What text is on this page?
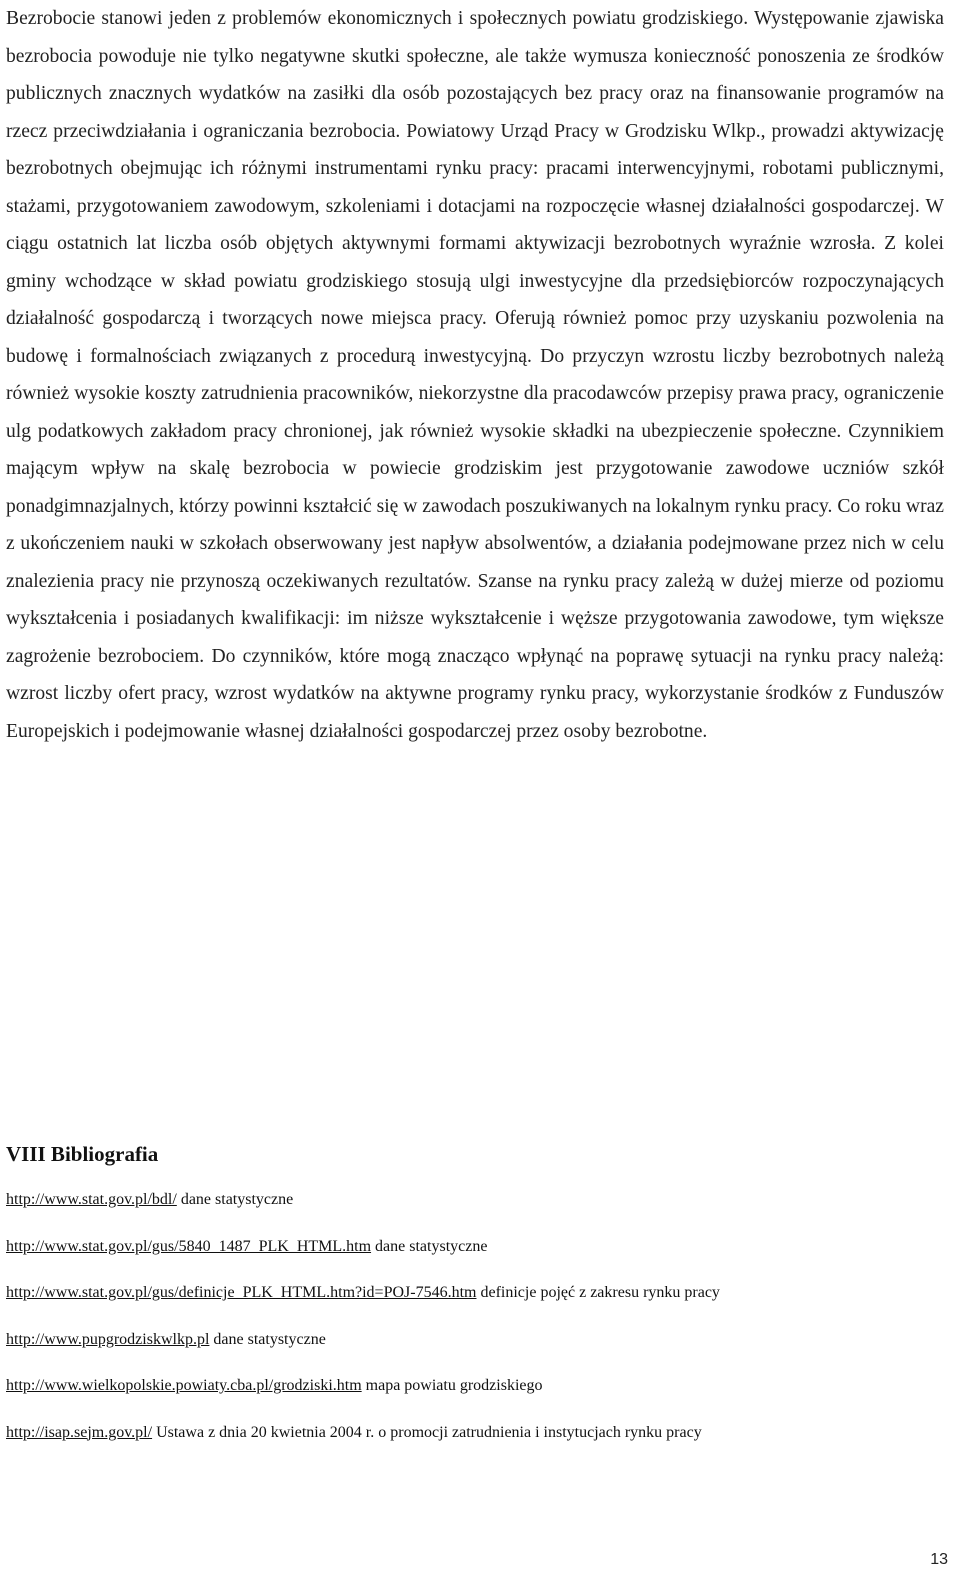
Bezrobocie stanowi jeden z problemów ekonomicznych i społecznych powiatu grodziskiego. Występowanie zjawiska bezrobocia powoduje nie tylko negatywne skutki społeczne, ale także wymusza konieczność ponoszenia ze środków publicznych znacznych wydatków na zasiłki dla osób pozostających bez pracy oraz na finansowanie programów na rzecz przeciwdziałania i ograniczania bezrobocia. Powiatowy Urząd Pracy w Grodzisku Wlkp., prowadzi aktywizację bezrobotnych obejmując ich różnymi instrumentami rynku pracy: pracami interwencyjnymi, robotami publicznymi, stażami, przygotowaniem zawodowym, szkoleniami i dotacjami na rozpoczęcie własnej działalności gospodarczej. W ciągu ostatnich lat liczba osób objętych aktywnymi formami aktywizacji bezrobotnych wyraźnie wzrosła. Z kolei gminy wchodzące w skład powiatu grodziskiego stosują ulgi inwestycyjne dla przedsiębiorców rozpoczynających działalność gospodarczą i tworzących nowe miejsca pracy. Oferują również pomoc przy uzyskaniu pozwolenia na budowę i formalnościach związanych z procedurą inwestycyjną. Do przyczyn wzrostu liczby bezrobotnych należą również wysokie koszty zatrudnienia pracowników, niekorzystne dla pracodawców przepisy prawa pracy, ograniczenie ulg podatkowych zakładom pracy chronionej, jak również wysokie składki na ubezpieczenie społeczne. Czynnikiem mającym wpływ na skalę bezrobocia w powiecie grodziskim jest przygotowanie zawodowe uczniów szkół ponadgimnazjalnych, którzy powinni kształcić się w zawodach poszukiwanych na lokalnym rynku pracy. Co roku wraz z ukończeniem nauki w szkołach obserwowany jest napływ absolwentów, a działania podejmowane przez nich w celu znalezienia pracy nie przynoszą oczekiwanych rezultatów. Szanse na rynku pracy zależą w dużej mierze od poziomu wykształcenia i posiadanych kwalifikacji: im niższe wykształcenie i węższe przygotowania zawodowe, tym większe zagrożenie bezrobociem. Do czynników, które mogą znacząco wpłynąć na poprawę sytuacji na rynku pracy należą: wzrost liczby ofert pracy, wzrost wydatków na aktywne programy rynku pracy, wykorzystanie środków z Funduszów Europejskich i podejmowanie własnej działalności gospodarczej przez osoby bezrobotne.

VIII Bibliografia
http://www.stat.gov.pl/bdl/ dane statystyczne
http://www.stat.gov.pl/gus/5840_1487_PLK_HTML.htm dane statystyczne
http://www.stat.gov.pl/gus/definicje_PLK_HTML.htm?id=POJ-7546.htm definicje pojęć z zakresu rynku pracy
http://www.pupgrodziskwlkp.pl dane statystyczne
http://www.wielkopolskie.powiaty.cba.pl/grodziski.htm mapa powiatu grodziskiego
http://isap.sejm.gov.pl/ Ustawa z dnia 20 kwietnia 2004 r. o promocji zatrudnienia i instytucjach rynku pracy
13
